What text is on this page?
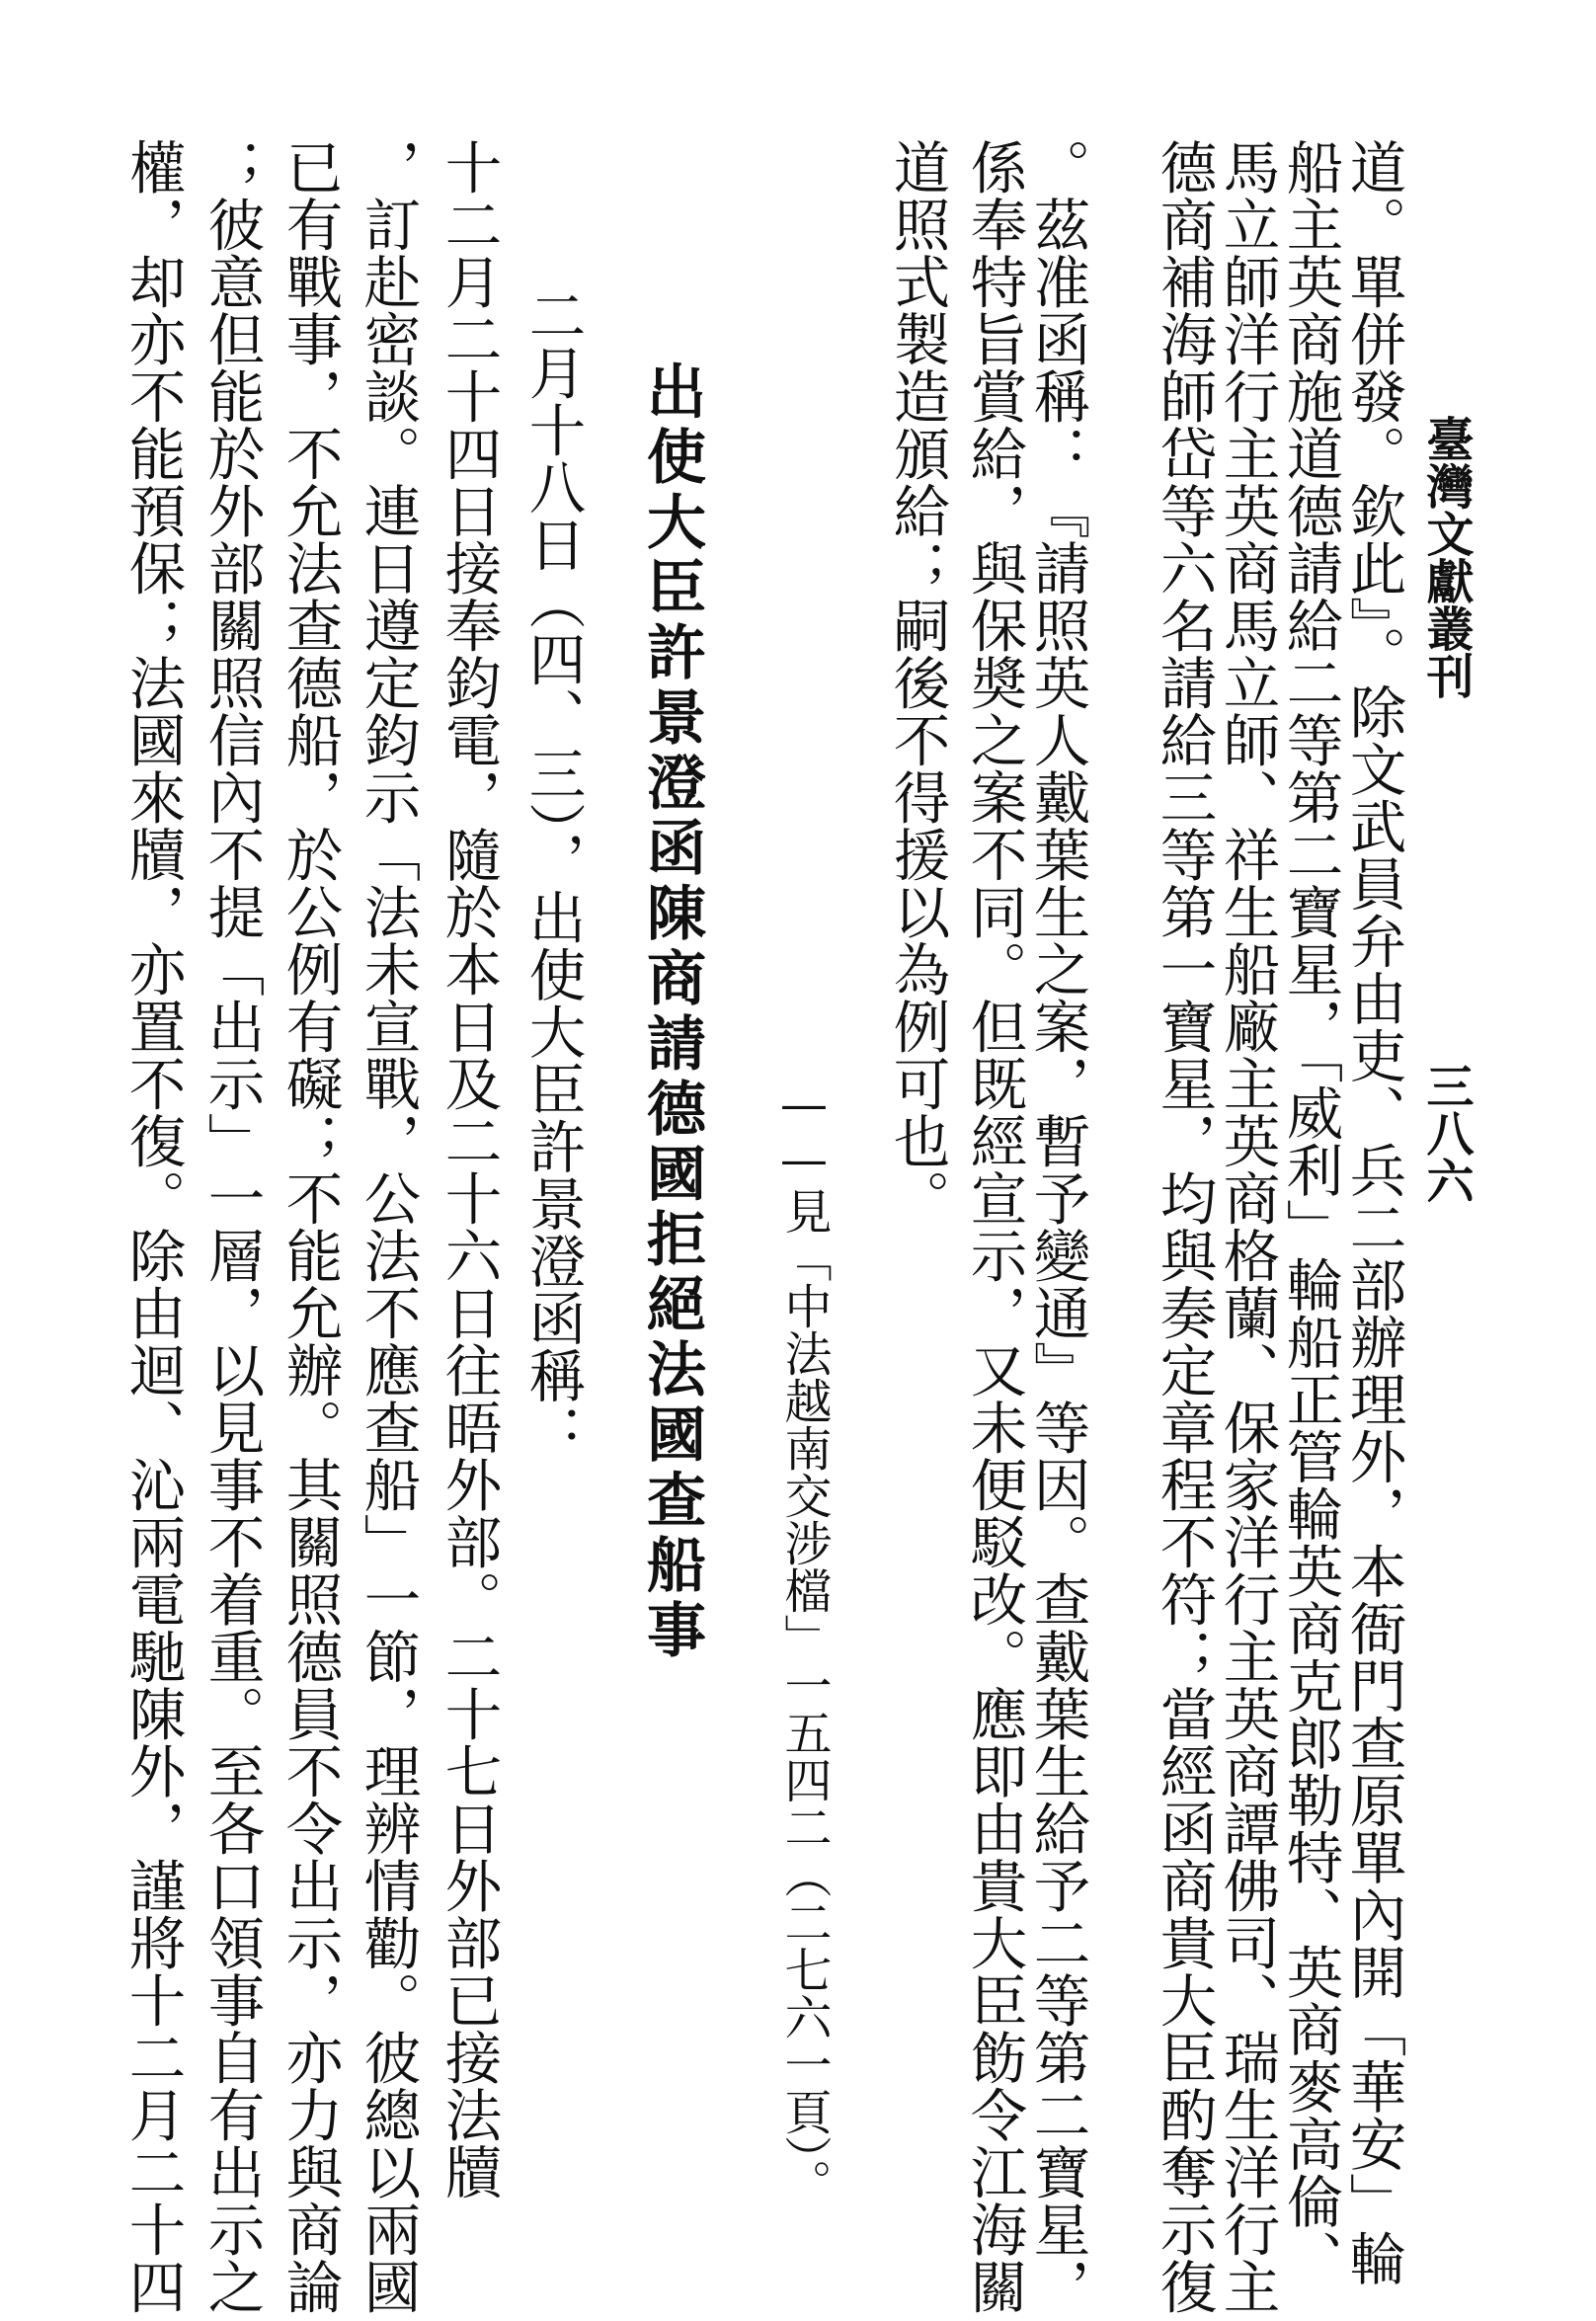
臺灣文獻叢刊
三八六
道。單併發。欽此』。除文武員弁由吏、兵二部辦理外，本衙門查原單內開「華安」輪
船主英商施道德請給二等第二寶星，「威利」輪船正管輪英商克郎勒特、英商麥高倫、
馬立師洋行主英商馬立師、祥生船廠主英商格蘭、保家洋行主英商譚佛司、瑞生洋行主
德商補海師岱等六名請給三等第一寶星，均與奏定章程不符；當經函商貴大臣酌奪示復
。茲准函稱：『請照英人戴葉生之案，暫予變通』等因。查戴葉生給予二等第二寶星，
係奉特旨賞給，與保奬之案不同。但既經宣示，又未便駁改。應即由貴大臣飭令江海關
道照式製造頒給；嗣後不得援以為例可也。
——見「中法越南交涉檔」一五四二（二七六一頁）。
出使大臣許景澄函陳商請德國拒絕法國查船事
二月十八日（四、三），出使大臣許景澄函稱：
十二月二十四日接奉鈞電，隨於本日及二十六日往晤外部。二十七日外部已接法牘
，訂赴密談。連日遵定鈞示「法未宣戰，公法不應查船」一節，理辨情勸。彼總以兩國
已有戰事，不允法查德船，於公例有礙；不能允辦。其關照德員不令出示，亦力與商論
；彼意但能於外部關照信內不提「出示」一層，以見事不着重。至各口領事自有出示之
權，却亦不能預保；法國來牘，亦置不復。除由迴、沁兩電馳陳外，謹將十二月二十四
